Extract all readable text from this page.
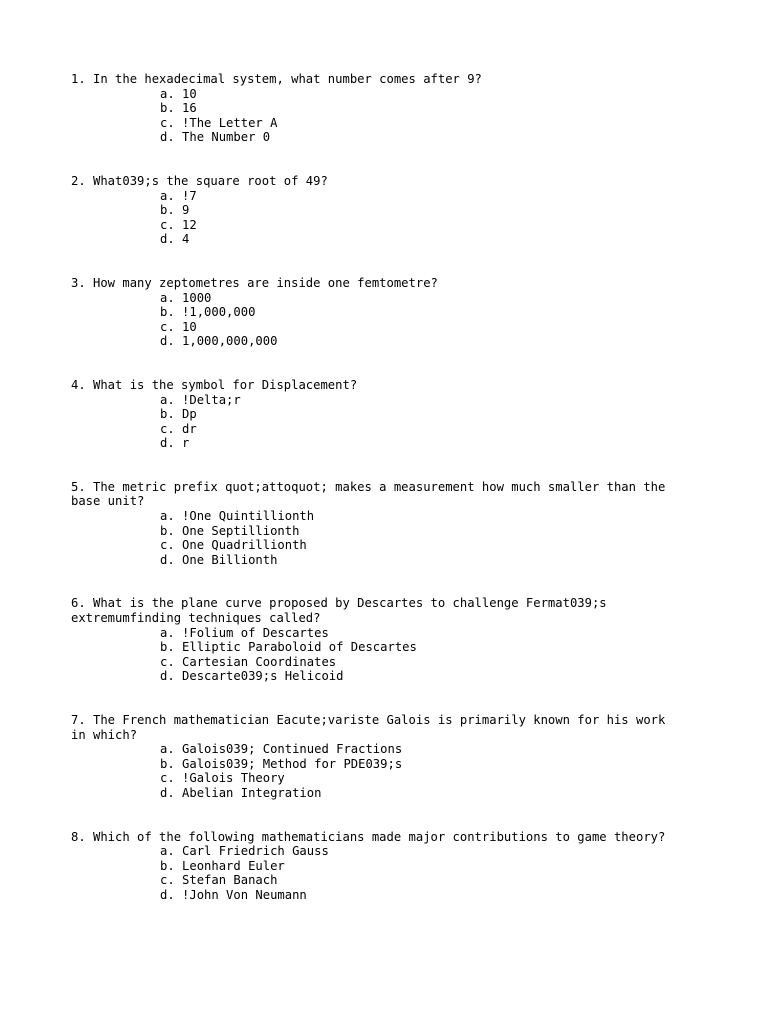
1. In the hexadecimal system, what number comes after 9?

a. 10
b. 16
c. !The Letter A
d. The Number 0

2. What039;s the square root of 49?

a. !7
b. 9
c. 12
d. 4

3. How many zeptometres are inside one femtometre?

a. 1000
b. !1,000,000
c. 10
d. 1,000,000,000

4. What is the symbol for Displacement?

a. !Delta;r
b. Dp
c. dr
d. r

5. The metric prefix quot;attoquot; makes a measurement how much smaller than the
base unit?

a. !One Quintillionth
b. One Septillionth
c. One Quadrillionth
d. One Billionth

6. What is the plane curve proposed by Descartes to challenge Fermat039;s
extremumfinding techniques called?

a. !Folium of Descartes
b. Elliptic Paraboloid of Descartes
c. Cartesian Coordinates
d. Descarte039;s Helicoid

7. The French mathematician Eacute;variste Galois is primarily known for his work
in which?

a. Galois039; Continued Fractions
b. Galois039; Method for PDE039;s
c. !Galois Theory
d. Abelian Integration

8. Which of the following mathematicians made major contributions to game theory?

a. Carl Friedrich Gauss
b. Leonhard Euler
c. Stefan Banach
d. !John Von Neumann
